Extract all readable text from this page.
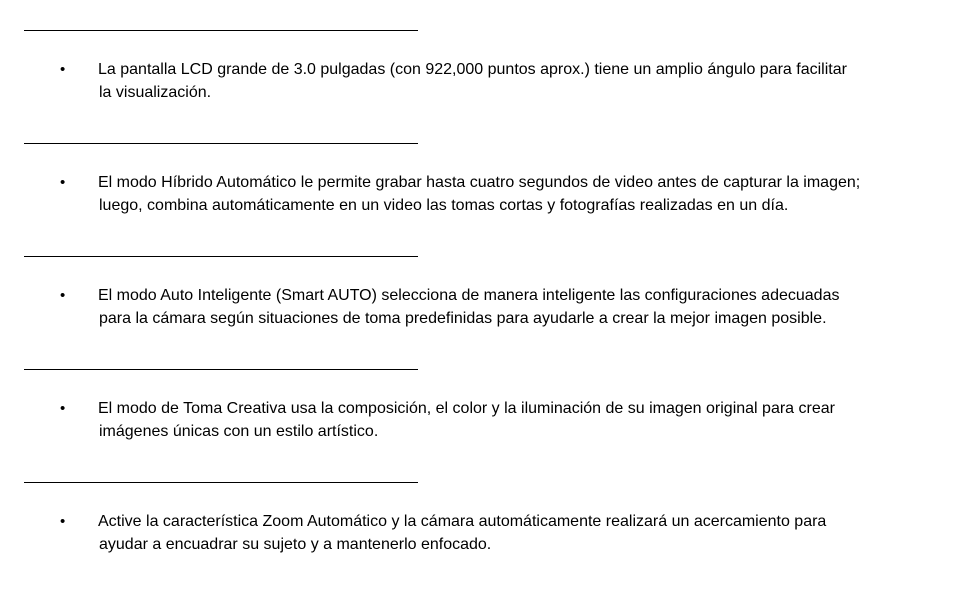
• La pantalla LCD grande de 3.0 pulgadas (con 922,000 puntos aprox.) tiene un amplio ángulo para facilitar
la visualización.
• El modo Híbrido Automático le permite grabar hasta cuatro segundos de video antes de capturar la imagen;
luego, combina automáticamente en un video las tomas cortas y fotografías realizadas en un día.
• El modo Auto Inteligente (Smart AUTO) selecciona de manera inteligente las configuraciones adecuadas
para la cámara según situaciones de toma predefinidas para ayudarle a crear la mejor imagen posible.
• El modo de Toma Creativa usa la composición, el color y la iluminación de su imagen original para crear
imágenes únicas con un estilo artístico.
• Active la característica Zoom Automático y la cámara automáticamente realizará un acercamiento para
ayudar a encuadrar su sujeto y a mantenerlo enfocado.
